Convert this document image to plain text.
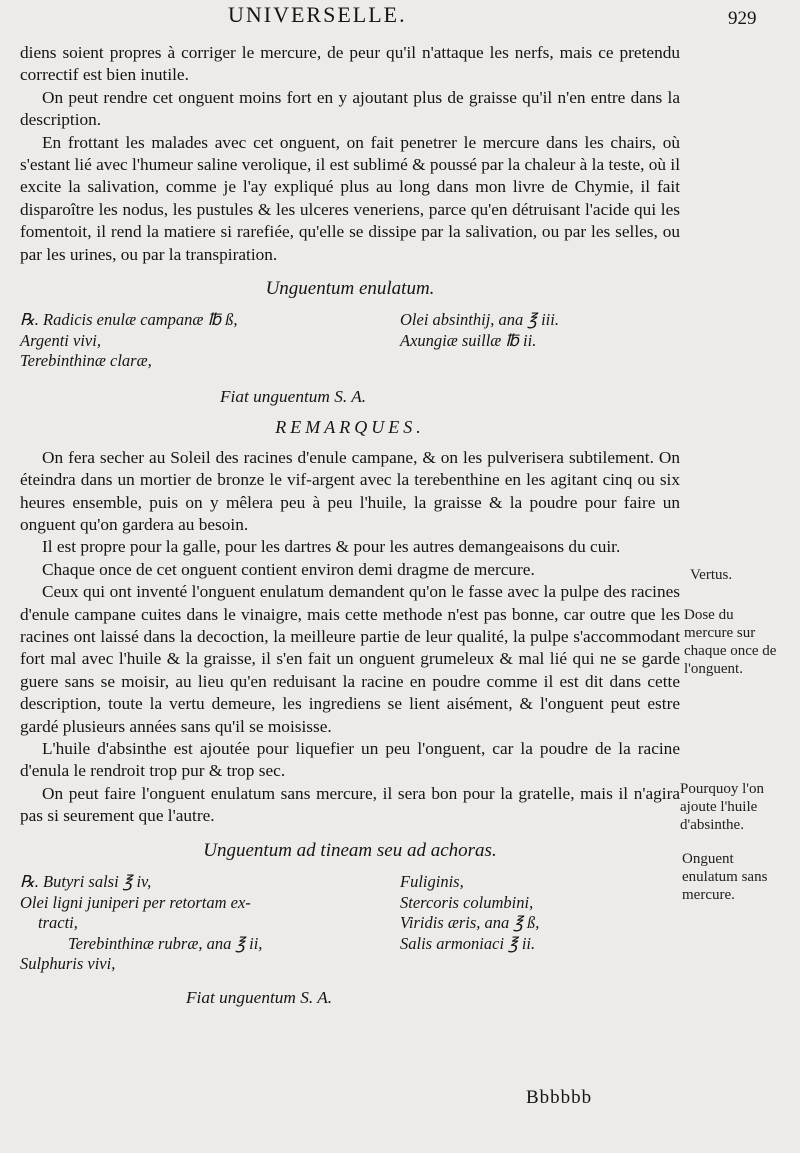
UNIVERSELLE.	929

diens soient propres à corriger le mercure, de peur qu'il n'attaque les nerfs, mais ce pretendu correctif est bien inutile.

On peut rendre cet onguent moins fort en y ajoutant plus de graisse qu'il n'en entre dans la description.

En frottant les malades avec cet onguent, on fait penetrer le mercure dans les chairs, où s'estant lié avec l'humeur saline verolique, il est sublimé & poussé par la chaleur à la teste, où il excite la salivation, comme je l'ay expliqué plus au long dans mon livre de Chymie, il fait disparoître les nodus, les pustules & les ulceres veneriens, parce qu'en détruisant l'acide qui les fomentoit, il rend la matiere si rarefiée, qu'elle se dissipe par la salivation, ou par les selles, ou par les urines, ou par la transpiration.

Unguentum enulatum.

℞. Radicis enulæ campanæ ℔ ß,
Argenti vivi,
Terebinthinæ claræ,
Olei absinthij, ana ℥ iii.
Axungiæ suillæ ℔ ii.

Fiat unguentum S. A.

REMARQUES.

On fera secher au Soleil des racines d'enule campane, & on les pulverisera subtilement. On éteindra dans un mortier de bronze le vif-argent avec la terebenthine en les agitant cinq ou six heures ensemble, puis on y mêlera peu à peu l'huile, la graisse & la poudre pour faire un onguent qu'on gardera au besoin.

Il est propre pour la galle, pour les dartres & pour les autres demangeaisons du cuir.

Chaque once de cet onguent contient environ demi dragme de mercure.

Ceux qui ont inventé l'onguent enulatum demandent qu'on le fasse avec la pulpe des racines d'enule campane cuites dans le vinaigre, mais cette methode n'est pas bonne, car outre que les racines ont laissé dans la decoction, la meilleure partie de leur qualité, la pulpe s'accommodant fort mal avec l'huile & la graisse, il s'en fait un onguent grumeleux & mal lié qui ne se garde guere sans se moisir, au lieu qu'en reduisant la racine en poudre comme il est dit dans cette description, toute la vertu demeure, les ingrediens se lient aisément, & l'onguent peut estre gardé plusieurs années sans qu'il se moisisse.

L'huile d'absinthe est ajoutée pour liquefier un peu l'onguent, car la poudre de la racine d'enula le rendroit trop pur & trop sec.

On peut faire l'onguent enulatum sans mercure, il sera bon pour la gratelle, mais il n'agira pas si seurement que l'autre.

Unguentum ad tineam seu ad achoras.

℞. Butyri salsi ℥ iv,
Olei ligni juniperi per retortam ex-
tracti,
Terebinthinæ rubræ, ana ℥ ii,
Sulphuris vivi,
Fuliginis,
Stercoris columbini,
Viridis æris, ana ℥ ß,
Salis armoniaci ℥ ii.

Fiat unguentum S. A.

Vertus.
Dose du mercure sur chaque once de l'onguent.
Pourquoy l'on ajoute l'huile d'absinthe.
Onguent enulatum sans mercure.
Bbbbbb
